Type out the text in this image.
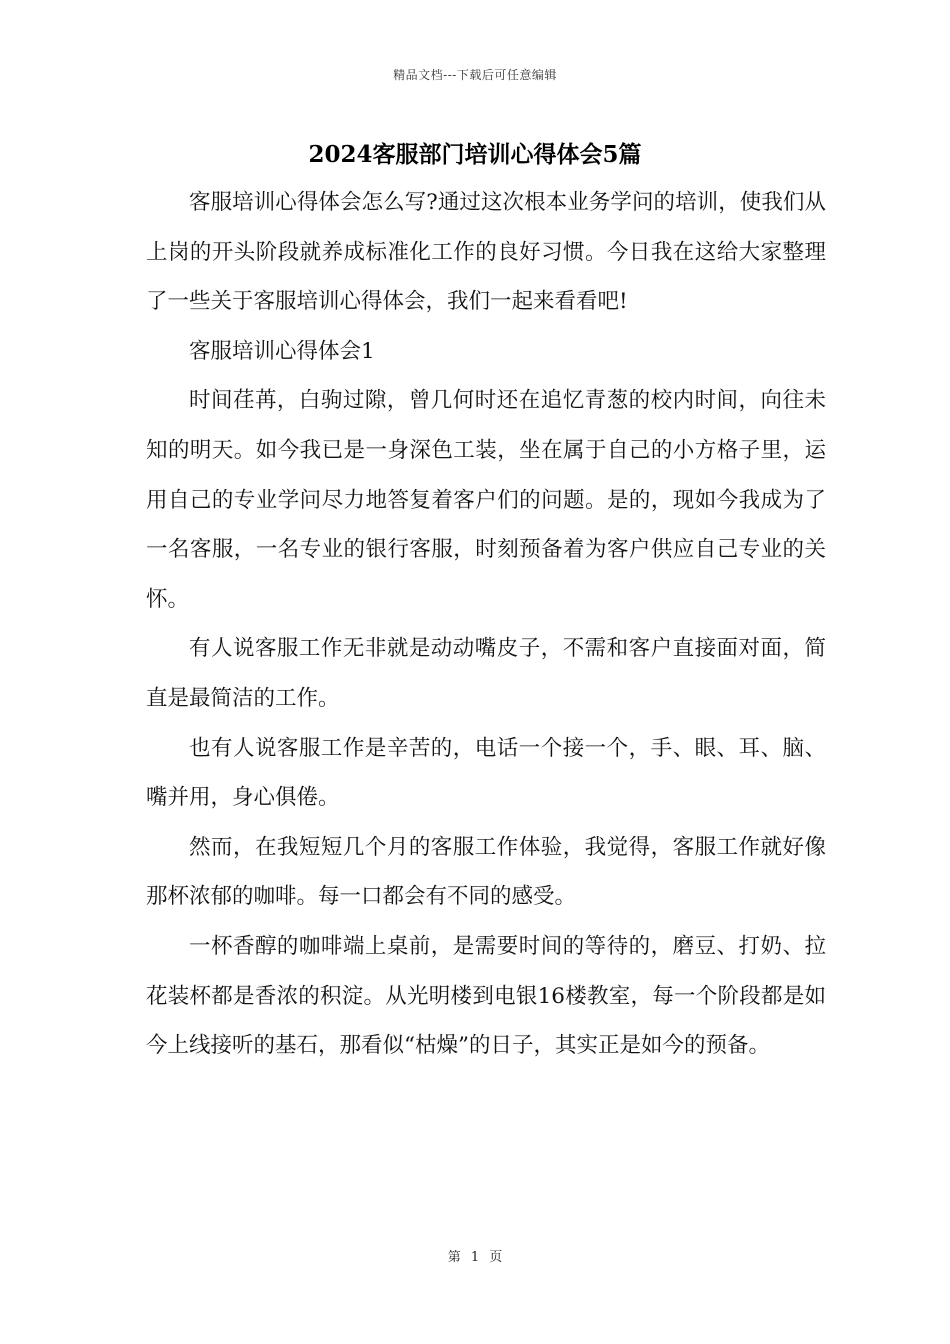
精品文档---下载后可任意编辑
2024客服部门培训心得体会5篇

客服培训心得体会怎么写?通过这次根本业务学问的培训，使我们从上岗的开头阶段就养成标准化工作的良好习惯。今日我在这给大家整理了一些关于客服培训心得体会，我们一起来看看吧!

客服培训心得体会1

时间荏苒，白驹过隙，曾几何时还在追忆青葱的校内时间，向往未知的明天。如今我已是一身深色工装，坐在属于自己的小方格子里，运用自己的专业学问尽力地答复着客户们的问题。是的，现如今我成为了一名客服，一名专业的银行客服，时刻预备着为客户供应自己专业的关怀。

有人说客服工作无非就是动动嘴皮子，不需和客户直接面对面，简直是最简洁的工作。

也有人说客服工作是辛苦的，电话一个接一个，手、眼、耳、脑、嘴并用，身心俱倦。

然而，在我短短几个月的客服工作体验，我觉得，客服工作就好像那杯浓郁的咖啡。每一口都会有不同的感受。

一杯香醇的咖啡端上桌前，是需要时间的等待的，磨豆、打奶、拉花装杯都是香浓的积淀。从光明楼到电银16楼教室，每一个阶段都是如今上线接听的基石，那看似“枯燥”的日子，其实正是如今的预备。

第 1 页
